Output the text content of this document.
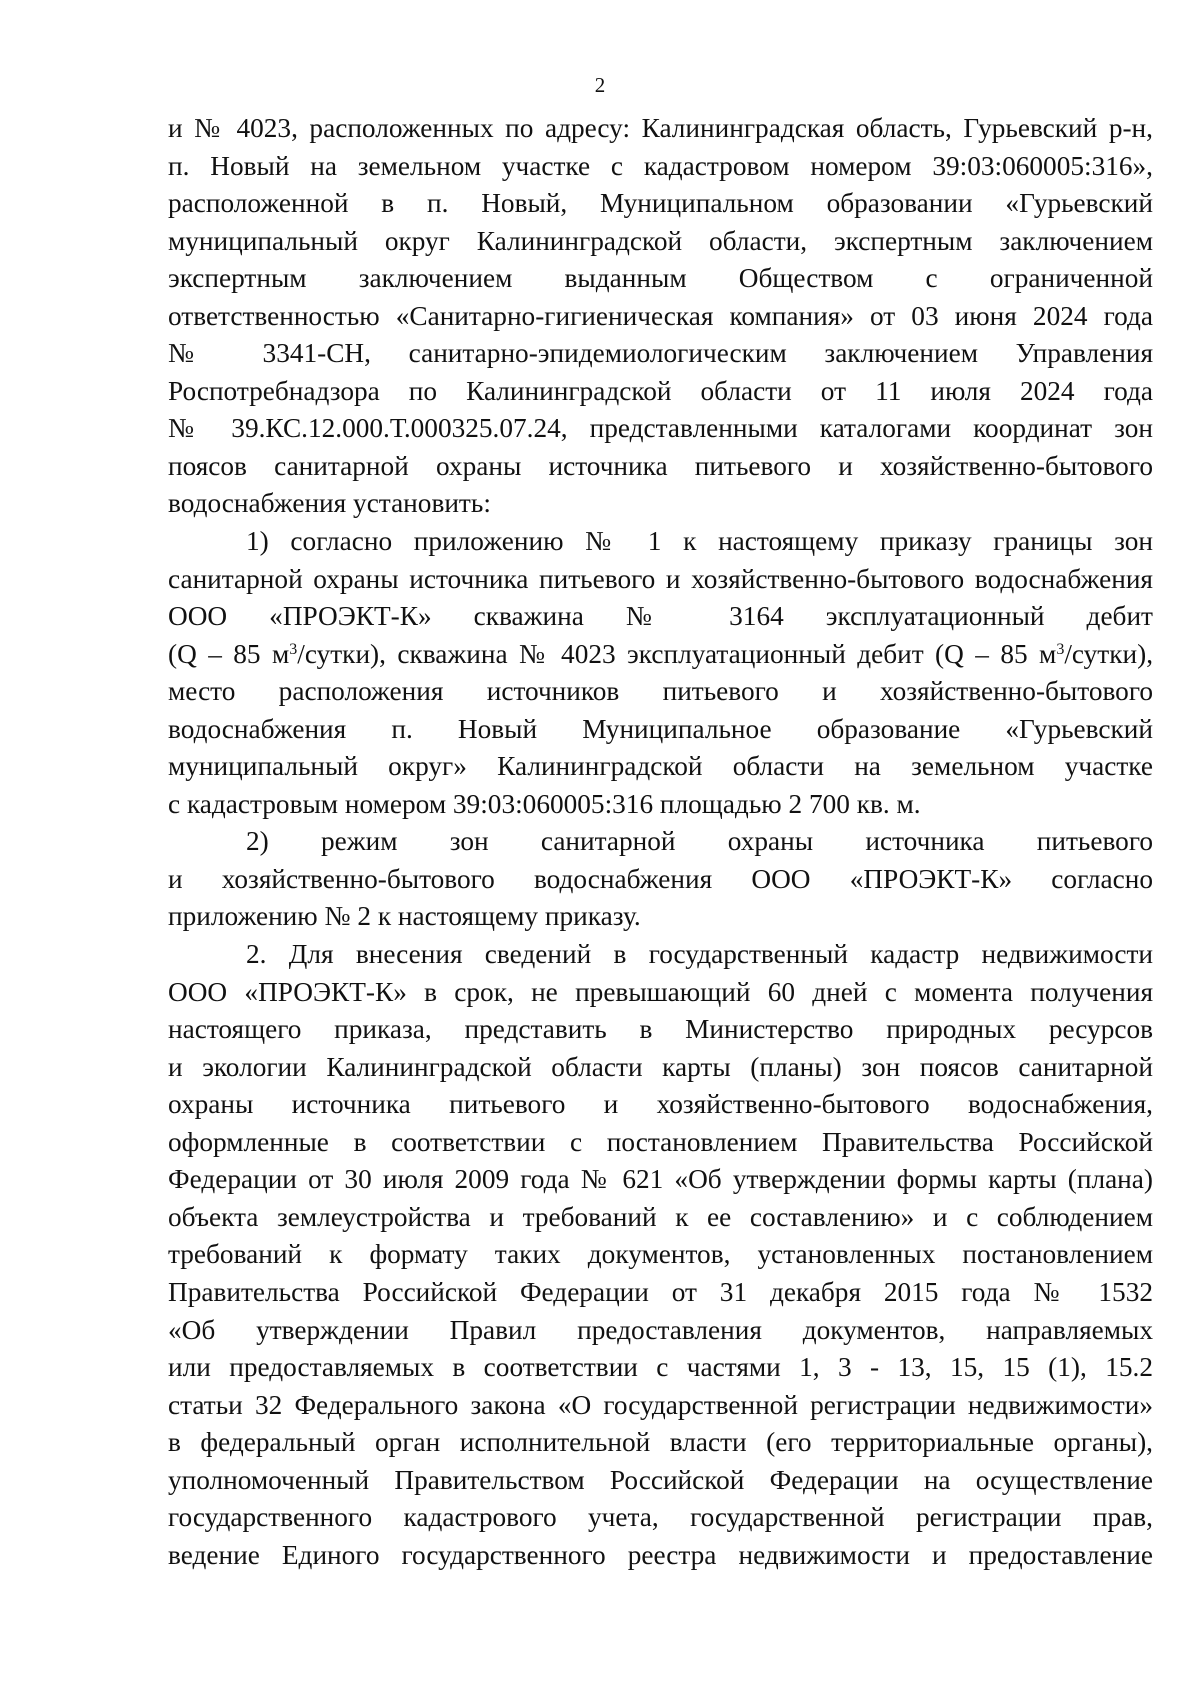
2
и № 4023, расположенных по адресу: Калининградская область, Гурьевский р-н,
п. Новый на земельном участке с кадастровом номером 39:03:060005:316»,
расположенной в п. Новый, Муниципальном образовании «Гурьевский
муниципальный округ Калининградской области, экспертным заключением
экспертным заключением выданным Обществом с ограниченной
ответственностью «Санитарно-гигиеническая компания» от 03 июня 2024 года
№ 3341-СН, санитарно-эпидемиологическим заключением Управления
Роспотребнадзора по Калининградской области от 11 июля 2024 года
№ 39.КС.12.000.Т.000325.07.24, представленными каталогами координат зон
поясов санитарной охраны источника питьевого и хозяйственно-бытового
водоснабжения установить:
1) согласно приложению № 1 к настоящему приказу границы зон
санитарной охраны источника питьевого и хозяйственно-бытового водоснабжения
ООО «ПРОЭКТ-К» скважина № 3164 эксплуатационный дебит
(Q – 85 $м^3/сутки$), скважина № 4023 эксплуатационный дебит (Q – 85 $м^3/сутки$),
место расположения источников питьевого и хозяйственно-бытового
водоснабжения п. Новый Муниципальное образование «Гурьевский
муниципальный округ» Калининградской области на земельном участке
с кадастровым номером 39:03:060005:316 площадью 2 700 кв. м.
2) режим зон санитарной охраны источника питьевого
и хозяйственно-бытового водоснабжения ООО «ПРОЭКТ-К» согласно
приложению № 2 к настоящему приказу.
2. Для внесения сведений в государственный кадастр недвижимости
ООО «ПРОЭКТ-К» в срок, не превышающий 60 дней с момента получения
настоящего приказа, представить в Министерство природных ресурсов
и экологии Калининградской области карты (планы) зон поясов санитарной
охраны источника питьевого и хозяйственно-бытового водоснабжения,
оформленные в соответствии с постановлением Правительства Российской
Федерации от 30 июля 2009 года № 621 «Об утверждении формы карты (плана)
объекта землеустройства и требований к ее составлению» и с соблюдением
требований к формату таких документов, установленных постановлением
Правительства Российской Федерации от 31 декабря 2015 года № 1532
«Об утверждении Правил предоставления документов, направляемых
или предоставляемых в соответствии с частями 1, 3 - 13, 15, 15 (1), 15.2
статьи 32 Федерального закона «О государственной регистрации недвижимости»
в федеральный орган исполнительной власти (его территориальные органы),
уполномоченный Правительством Российской Федерации на осуществление
государственного кадастрового учета, государственной регистрации прав,
ведение Единого государственного реестра недвижимости и предоставление
